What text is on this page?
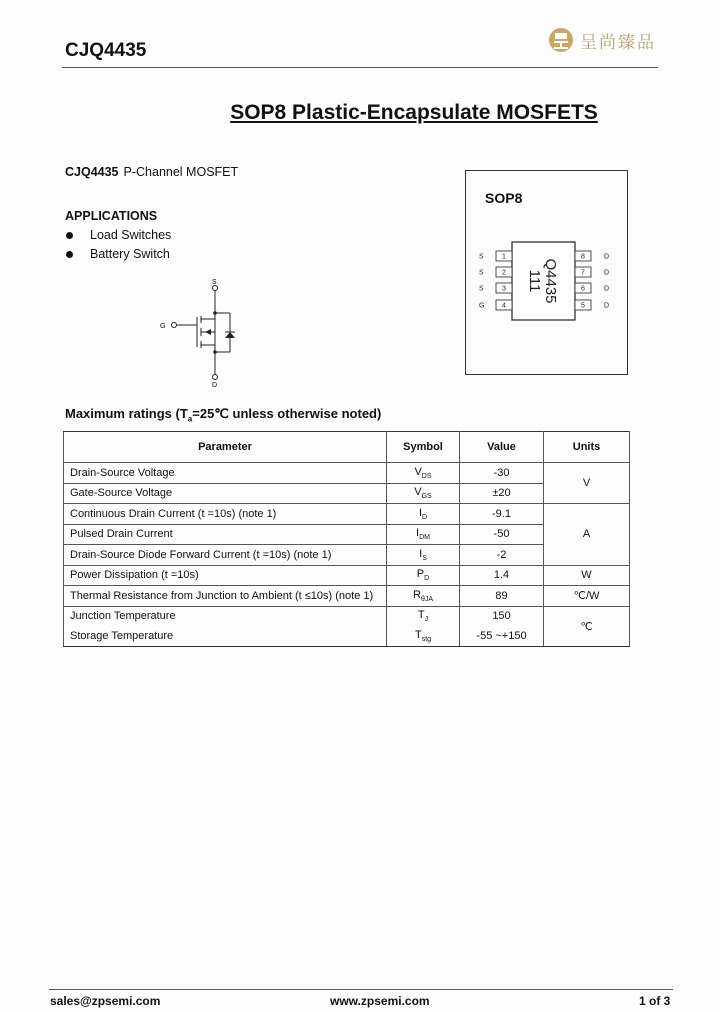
CJQ4435	呈尚臻品
SOP8 Plastic-Encapsulate MOSFETS
CJQ4435 P-Channel MOSFET
APPLICATIONS
Load Switches
Battery Switch
S
G
D
SOP8
S	1
S	2
S	3
G	4
8	D
7	D
6	D
5	D
Q4435
111
Maximum ratings ($T_a=25℃$ unless otherwise noted)
Parameter	Symbol	Value	Units
Drain-Source Voltage	$V_{DS}$	-30	V
Gate-Source Voltage	$V_{GS}$	±20	
Continuous Drain Current (t =10s) (note 1)	$I_D$	-9.1	A
Pulsed Drain Current	$I_{DM}$	-50	
Drain-Source Diode Forward Current (t =10s) (note 1)	$I_S$	-2	
Power Dissipation (t =10s)	$P_D$	1.4	W
Thermal Resistance from Junction to Ambient (t ≤10s) (note 1)	$R_{\theta JA}$	89	℃/W
Junction Temperature	$T_J$	150	℃
Storage Temperature	$T_{stg}$	-55 ~+150	
sales@zpsemi.com	www.zpsemi.com	1 of 3
